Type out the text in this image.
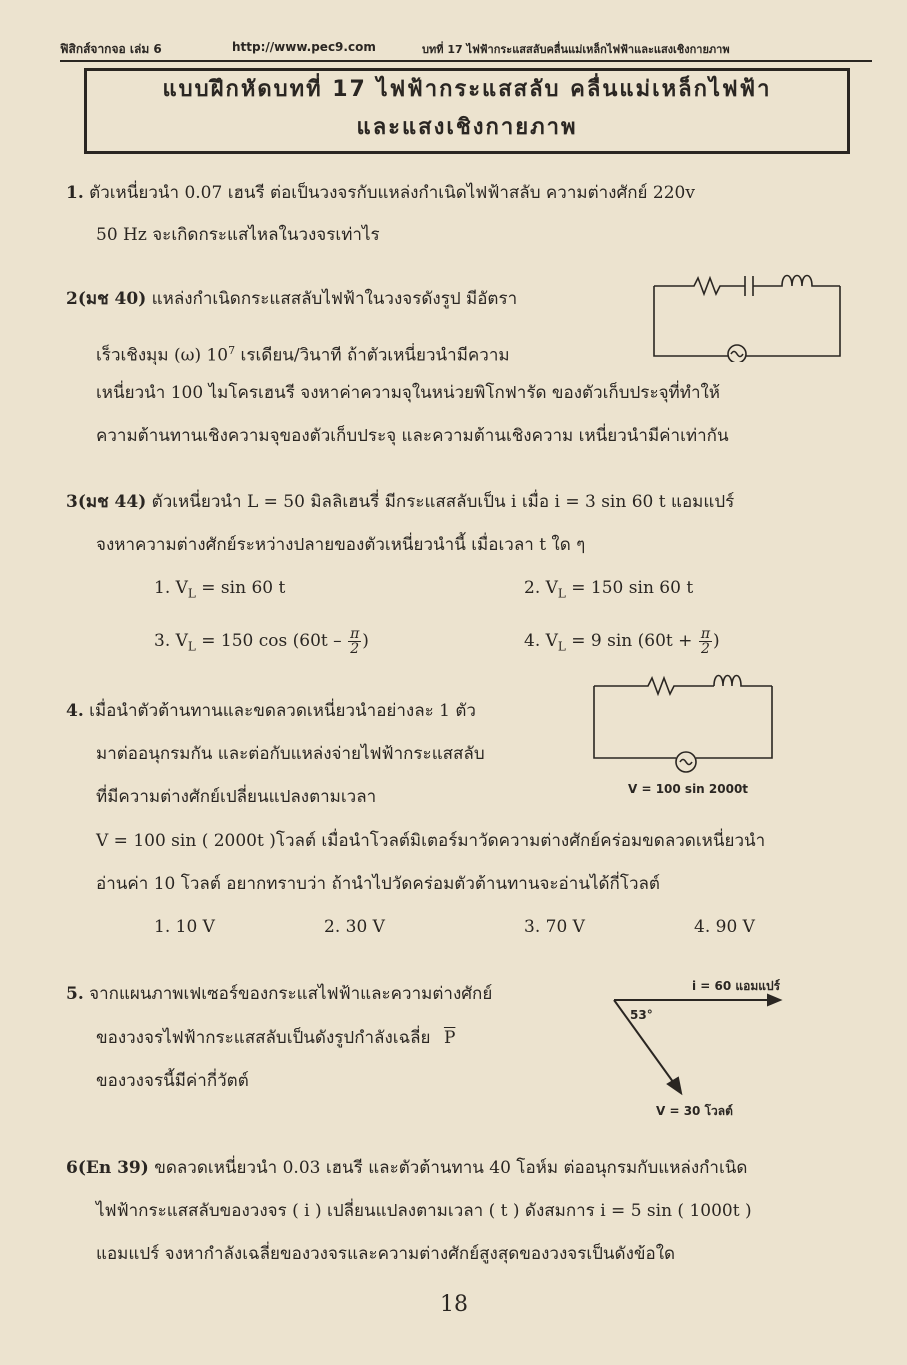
ฟิสิกส์จากจอ เล่ม 6	http://www.pec9.com	บทที่ 17 ไฟฟ้ากระแสสลับคลื่นแม่เหล็กไฟฟ้าและแสงเชิงกายภาพ
แบบฝึกหัดบทที่ 17 ไฟฟ้ากระแสสลับ คลื่นแม่เหล็กไฟฟ้า
และแสงเชิงกายภาพ
1. ตัวเหนี่ยวนำ 0.07 เฮนรี ต่อเป็นวงจรกับแหล่งกำเนิดไฟฟ้าสลับ ความต่างศักย์ 220v
50 Hz จะเกิดกระแสไหลในวงจรเท่าไร
2(มช 40) แหล่งกำเนิดกระแสสลับไฟฟ้าในวงจรดังรูป มีอัตรา
เร็วเชิงมุม (ω) $10^7$ เรเดียน/วินาที ถ้าตัวเหนี่ยวนำมีความ
เหนี่ยวนำ 100 ไมโครเฮนรี จงหาค่าความจุในหน่วยพิโกฟารัด ของตัวเก็บประจุที่ทำให้
ความต้านทานเชิงความจุของตัวเก็บประจุ และความต้านเชิงความ เหนี่ยวนำมีค่าเท่ากัน
3(มช 44) ตัวเหนี่ยวนำ L = 50 มิลลิเฮนรี่ มีกระแสสลับเป็น i เมื่อ i = 3 sin 60 t แอมแปร์
จงหาความต่างศักย์ระหว่างปลายของตัวเหนี่ยวนำนี้ เมื่อเวลา t ใด ๆ
1. $V_L = \sin 60$ t	2. $V_L = 150$ sin 60 t
3. $V_L = 150$ $\cos (60t - \frac{\pi}{2}$ )	4. $V_L = 9$ $\sin (60t + \frac{\pi}{2}$ )
4. เมื่อนำตัวต้านทานและขดลวดเหนี่ยวนำอย่างละ 1 ตัว
มาต่ออนุกรมกัน และต่อกับแหล่งจ่ายไฟฟ้ากระแสสลับ
ที่มีความต่างศักย์เปลี่ยนแปลงตามเวลา
V = 100 sin ( 2000t )โวลต์ เมื่อนำโวลต์มิเตอร์มาวัดความต่างศักย์คร่อมขดลวดเหนี่ยวนำ
อ่านค่า 10 โวลต์ อยากทราบว่า ถ้านำไปวัดคร่อมตัวต้านทานจะอ่านได้กี่โวลต์
1. 10 V	2. 30 V	3. 70 V	4. 90 V
V = 100 sin 2000t
5. จากแผนภาพเฟเซอร์ของกระแสไฟฟ้าและความต่างศักย์
ของวงจรไฟฟ้ากระแสสลับเป็นดังรูปกำลังเฉลี่ย $\overline{P}$
ของวงจรนี้มีค่ากี่วัตต์
i = 60 แอมแปร์
53°
V = 30 โวลต์
6(En 39) ขดลวดเหนี่ยวนำ 0.03 เฮนรี และตัวต้านทาน 40 โอห์ม ต่ออนุกรมกับแหล่งกำเนิด
ไฟฟ้ากระแสสลับของวงจร ( i ) เปลี่ยนแปลงตามเวลา ( t ) ดังสมการ i = 5 sin ( 1000t )
แอมแปร์ จงหากำลังเฉลี่ยของวงจรและความต่างศักย์สูงสุดของวงจรเป็นดังข้อใด
18
